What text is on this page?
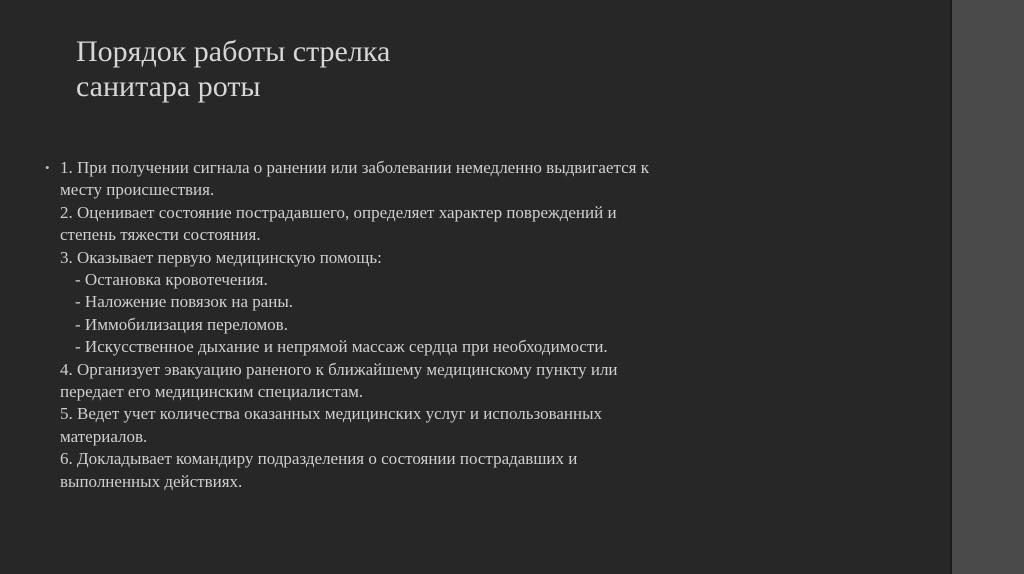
Порядок работы стрелка
санитара роты
• 1. При получении сигнала о ранении или заболевании немедленно выдвигается к
месту происшествия.
2. Оценивает состояние пострадавшего, определяет характер повреждений и
степень тяжести состояния.
3. Оказывает первую медицинскую помощь:
- Остановка кровотечения.
- Наложение повязок на раны.
- Иммобилизация переломов.
- Искусственное дыхание и непрямой массаж сердца при необходимости.
4. Организует эвакуацию раненого к ближайшему медицинскому пункту или
передает его медицинским специалистам.
5. Ведет учет количества оказанных медицинских услуг и использованных
материалов.
6. Докладывает командиру подразделения о состоянии пострадавших и
выполненных действиях.
